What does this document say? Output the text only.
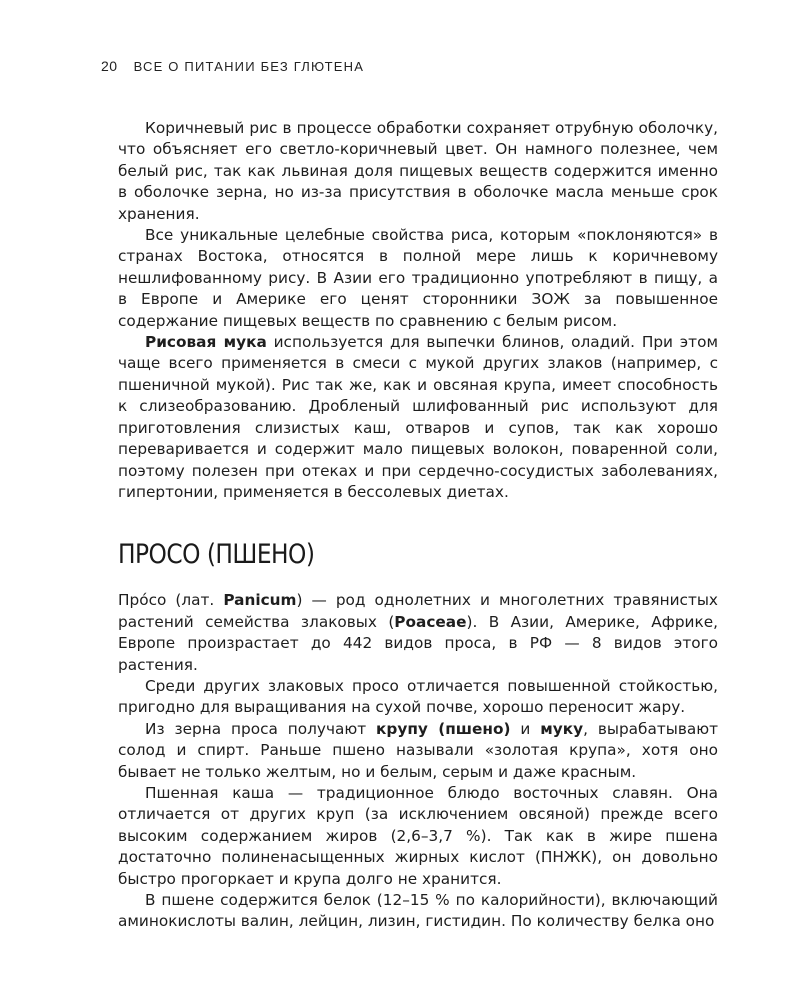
20 ВСЕ О ПИТАНИИ БЕЗ ГЛЮТЕНА

Коричневый рис в процессе обработки сохраняет отрубную оболочку, что объясняет его светло-коричневый цвет. Он намного полезнее, чем белый рис, так как львиная доля пищевых веществ содержится именно в оболочке зерна, но из-за присутствия в оболочке масла меньше срок хранения.

Все уникальные целебные свойства риса, которым «поклоняются» в странах Востока, относятся в полной мере лишь к коричневому нешлифованному рису. В Азии его традиционно употребляют в пищу, а в Европе и Америке его ценят сторонники ЗОЖ за повышенное содержание пищевых веществ по сравнению с белым рисом.

Рисовая мука используется для выпечки блинов, оладий. При этом чаще всего применяется в смеси с мукой других злаков (например, с пшеничной мукой). Рис так же, как и овсяная крупа, имеет способность к слизеобразованию. Дробленый шлифованный рис используют для приготовления слизистых каш, отваров и супов, так как хорошо переваривается и содержит мало пищевых волокон, поваренной соли, поэтому полезен при отеках и при сердечно-сосудистых заболеваниях, гипертонии, применяется в бессолевых диетах.

ПРОСО (ПШЕНО)

Про́со (лат. Panicum) — род однолетних и многолетних травянистых растений семейства злаковых (Poaceae). В Азии, Америке, Африке, Европе произрастает до 442 видов проса, в РФ — 8 видов этого растения.

Среди других злаковых просо отличается повышенной стойкостью, пригодно для выращивания на сухой почве, хорошо переносит жару.

Из зерна проса получают крупу (пшено) и муку, вырабатывают солод и спирт. Раньше пшено называли «золотая крупа», хотя оно бывает не только желтым, но и белым, серым и даже красным.

Пшенная каша — традиционное блюдо восточных славян. Она отличается от других круп (за исключением овсяной) прежде всего высоким содержанием жиров (2,6–3,7 %). Так как в жире пшена достаточно полиненасыщенных жирных кислот (ПНЖК), он довольно быстро прогоркает и крупа долго не хранится.

В пшене содержится белок (12–15 % по калорийности), включающий аминокислоты валин, лейцин, лизин, гистидин. По количеству белка оно
